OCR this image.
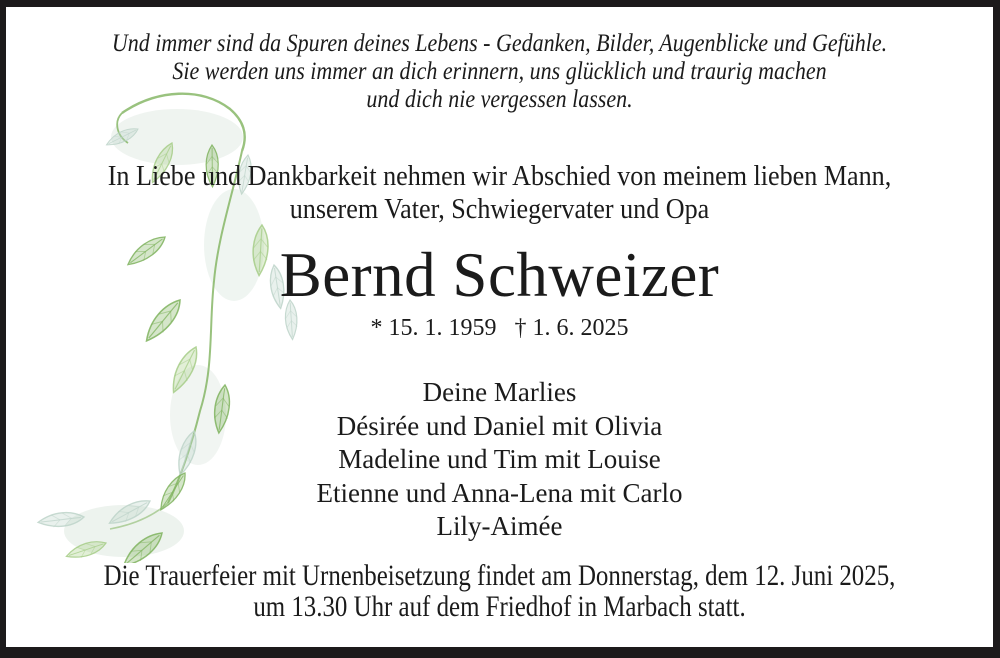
Und immer sind da Spuren deines Lebens - Gedanken, Bilder, Augenblicke und Gefühle.
Sie werden uns immer an dich erinnern, uns glücklich und traurig machen
und dich nie vergessen lassen.
In Liebe und Dankbarkeit nehmen wir Abschied von meinem lieben Mann,
unserem Vater, Schwiegervater und Opa
Bernd Schweizer
* 15. 1. 1959 † 1. 6. 2025
Deine Marlies
Désirée und Daniel mit Olivia
Madeline und Tim mit Louise
Etienne und Anna-Lena mit Carlo
Lily-Aimée
Die Trauerfeier mit Urnenbeisetzung findet am Donnerstag, dem 12. Juni 2025,
um 13.30 Uhr auf dem Friedhof in Marbach statt.
